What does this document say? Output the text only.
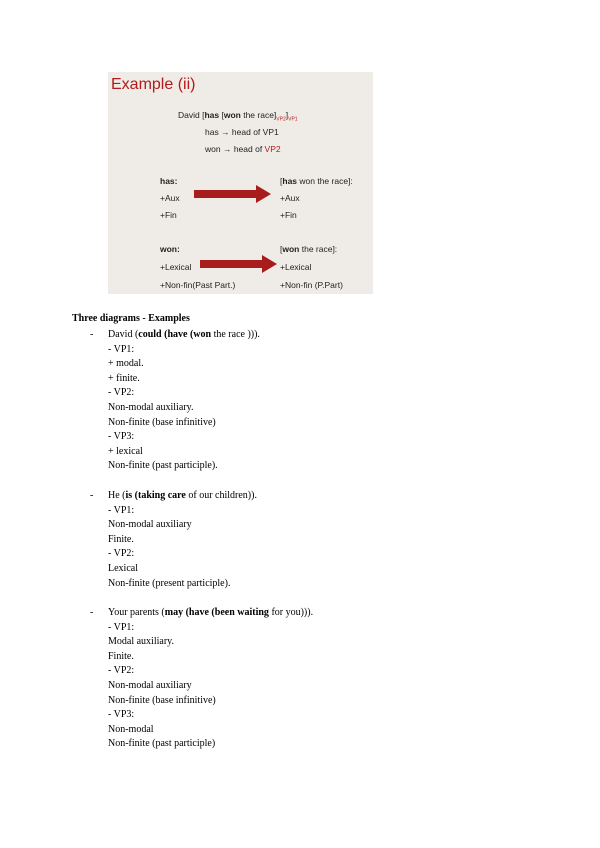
Example (ii)
David [has [won the $race]_{VP2}]_{VP1}$
has → head of VP1
won → head of VP2
has:
+Aux
+Fin
[has won the race]:
+Aux
+Fin
won:
+Lexical
+Non-fin(Past Part.)
[won the race]:
+Lexical
+Non-fin (P.Part)
Three diagrams - Examples
- David (could (have (won the race ))).
- VP1:
+ modal.
+ finite.
- VP2:
Non-modal auxiliary.
Non-finite (base infinitive)
- VP3:
+ lexical
Non-finite (past participle).
- He (is (taking care of our children)).
- VP1:
Non-modal auxiliary
Finite.
- VP2:
Lexical
Non-finite (present participle).
- Your parents (may (have (been waiting for you))).
- VP1:
Modal auxiliary.
Finite.
- VP2:
Non-modal auxiliary
Non-finite (base infinitive)
- VP3:
Non-modal
Non-finite (past participle)
